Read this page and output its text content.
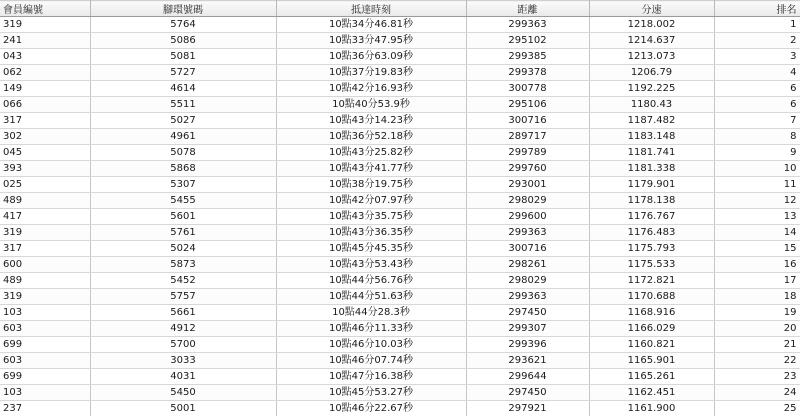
會員編號	腳環號碼	抵達時刻	距離	分速	排名
319	5764	10點34分46.81秒	299363	1218.002	1
241	5086	10點33分47.95秒	295102	1214.637	2
043	5081	10點36分63.09秒	299385	1213.073	3
062	5727	10點37分19.83秒	299378	1206.79	4
149	4614	10點42分16.93秒	300778	1192.225	6
066	5511	10點40分53.9秒	295106	1180.43	6
317	5027	10點43分14.23秒	300716	1187.482	7
302	4961	10點36分52.18秒	289717	1183.148	8
045	5078	10點43分25.82秒	299789	1181.741	9
393	5868	10點43分41.77秒	299760	1181.338	10
025	5307	10點38分19.75秒	293001	1179.901	11
489	5455	10點42分07.97秒	298029	1178.138	12
417	5601	10點43分35.75秒	299600	1176.767	13
319	5761	10點43分36.35秒	299363	1176.483	14
317	5024	10點45分45.35秒	300716	1175.793	15
600	5873	10點43分53.43秒	298261	1175.533	16
489	5452	10點44分56.76秒	298029	1172.821	17
319	5757	10點44分51.63秒	299363	1170.688	18
103	5661	10點44分28.3秒	297450	1168.916	19
603	4912	10點46分11.33秒	299307	1166.029	20
699	5700	10點46分10.03秒	299396	1160.821	21
603	3033	10點46分07.74秒	293621	1165.901	22
699	4031	10點47分16.38秒	299644	1165.261	23
103	5450	10點45分53.27秒	297450	1162.451	24
237	5001	10點46分22.67秒	297921	1161.900	25
